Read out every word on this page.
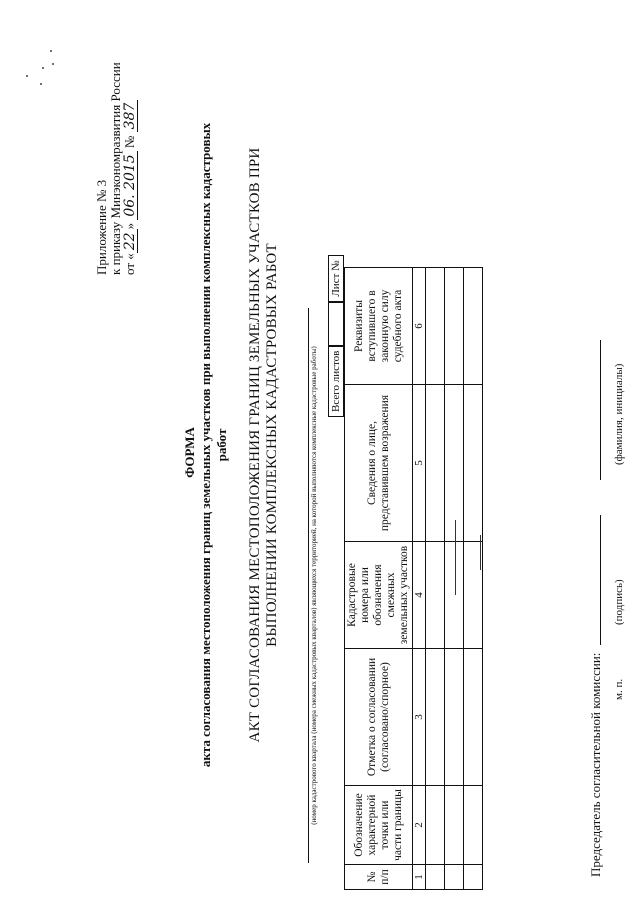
Приложение № 3 к приказу Минэкономразвития России от «22» 06. 2015 № 387
ФОРМА акта согласования местоположения границ земельных участков при выполнении комплексных кадастровых работ АКТ СОГЛАСОВАНИЯ МЕСТОПОЛОЖЕНИЯ ГРАНИЦ ЗЕМЕЛЬНЫХ УЧАСТКОВ ПРИ ВЫПОЛНЕНИИ КОМПЛЕКСНЫХ КАДАСТРОВЫХ РАБОТ	(номер кадастрового квартала (номера смежных кадастровых кварталов) являющихся территорией, на которой выполняются комплексные кадастровые работы) Всего листовЛист №
№ п/п	Обозначение характерной точки или части границы	Отметка о согласовании (согласовано/спорное)	Кадастровые номера или обозначения смежных земельных участков	Сведения о лице, представившем возражения	Реквизиты вступившего в законную силу судебного акта
1	2	3	4	5	6

Председатель согласительной комиссии: м. п.
(подпись)
(фамилия, инициалы)
